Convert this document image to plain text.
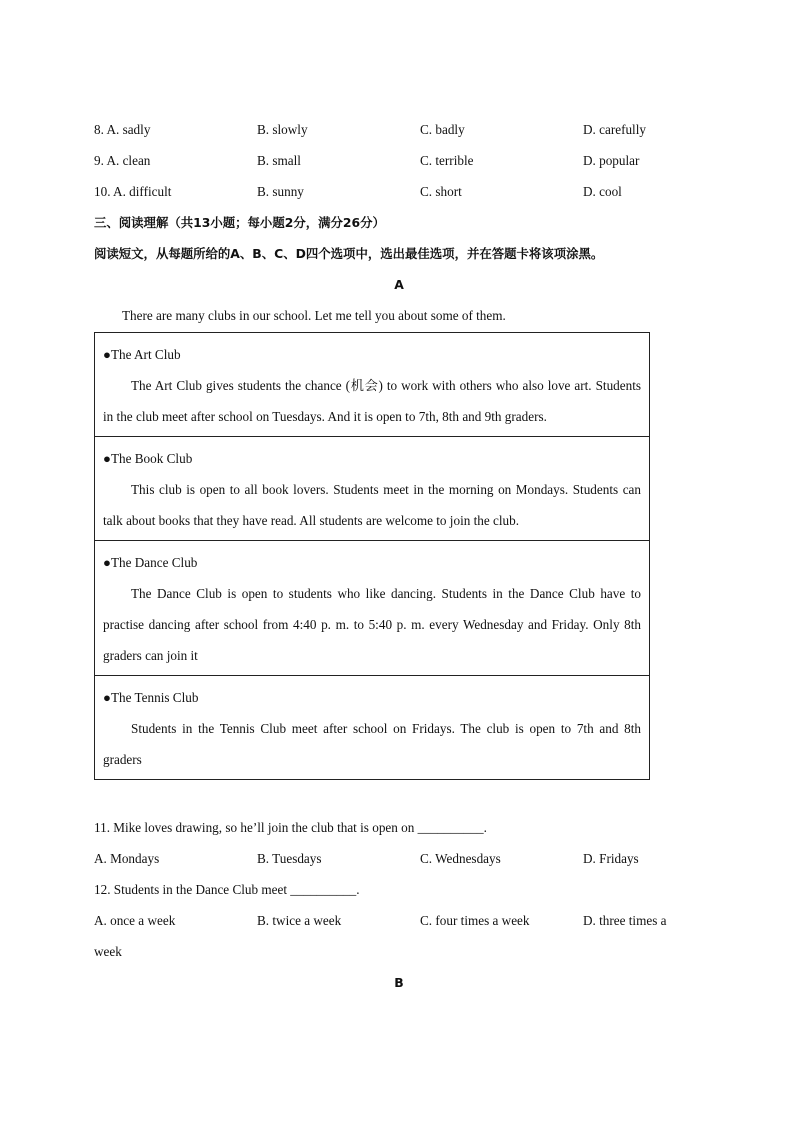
8. A. sadly	B. slowly	C. badly	D. carefully
9. A. clean	B. small	C. terrible	D. popular
10. A. difficult	B. sunny	C. short	D. cool
三、阅读理解（共13小题；每小题2分，满分26分）
阅读短文，从每题所给的A、B、C、D四个选项中，选出最佳选项，并在答题卡将该项涂黑。
A
There are many clubs in our school. Let me tell you about some of them.
●The Art Club
The Art Club gives students the chance (机会) to work with others who also love art. Students in the club meet after school on Tuesdays. And it is open to 7th, 8th and 9th graders.

●The Book Club
This club is open to all book lovers. Students meet in the morning on Mondays. Students can talk about books that they have read. All students are welcome to join the club.

●The Dance Club
The Dance Club is open to students who like dancing. Students in the Dance Club have to practise dancing after school from 4:40 p. m. to 5:40 p. m. every Wednesday and Friday. Only 8th graders can join it

●The Tennis Club
Students in the Tennis Club meet after school on Fridays. The club is open to 7th and 8th graders
11. Mike loves drawing, so he’ll join the club that is open on __________.
A. Mondays	B. Tuesdays	C. Wednesdays	D. Fridays
12. Students in the Dance Club meet __________.
A. once a week	B. twice a week	C. four times a week	D. three times a
week
B
